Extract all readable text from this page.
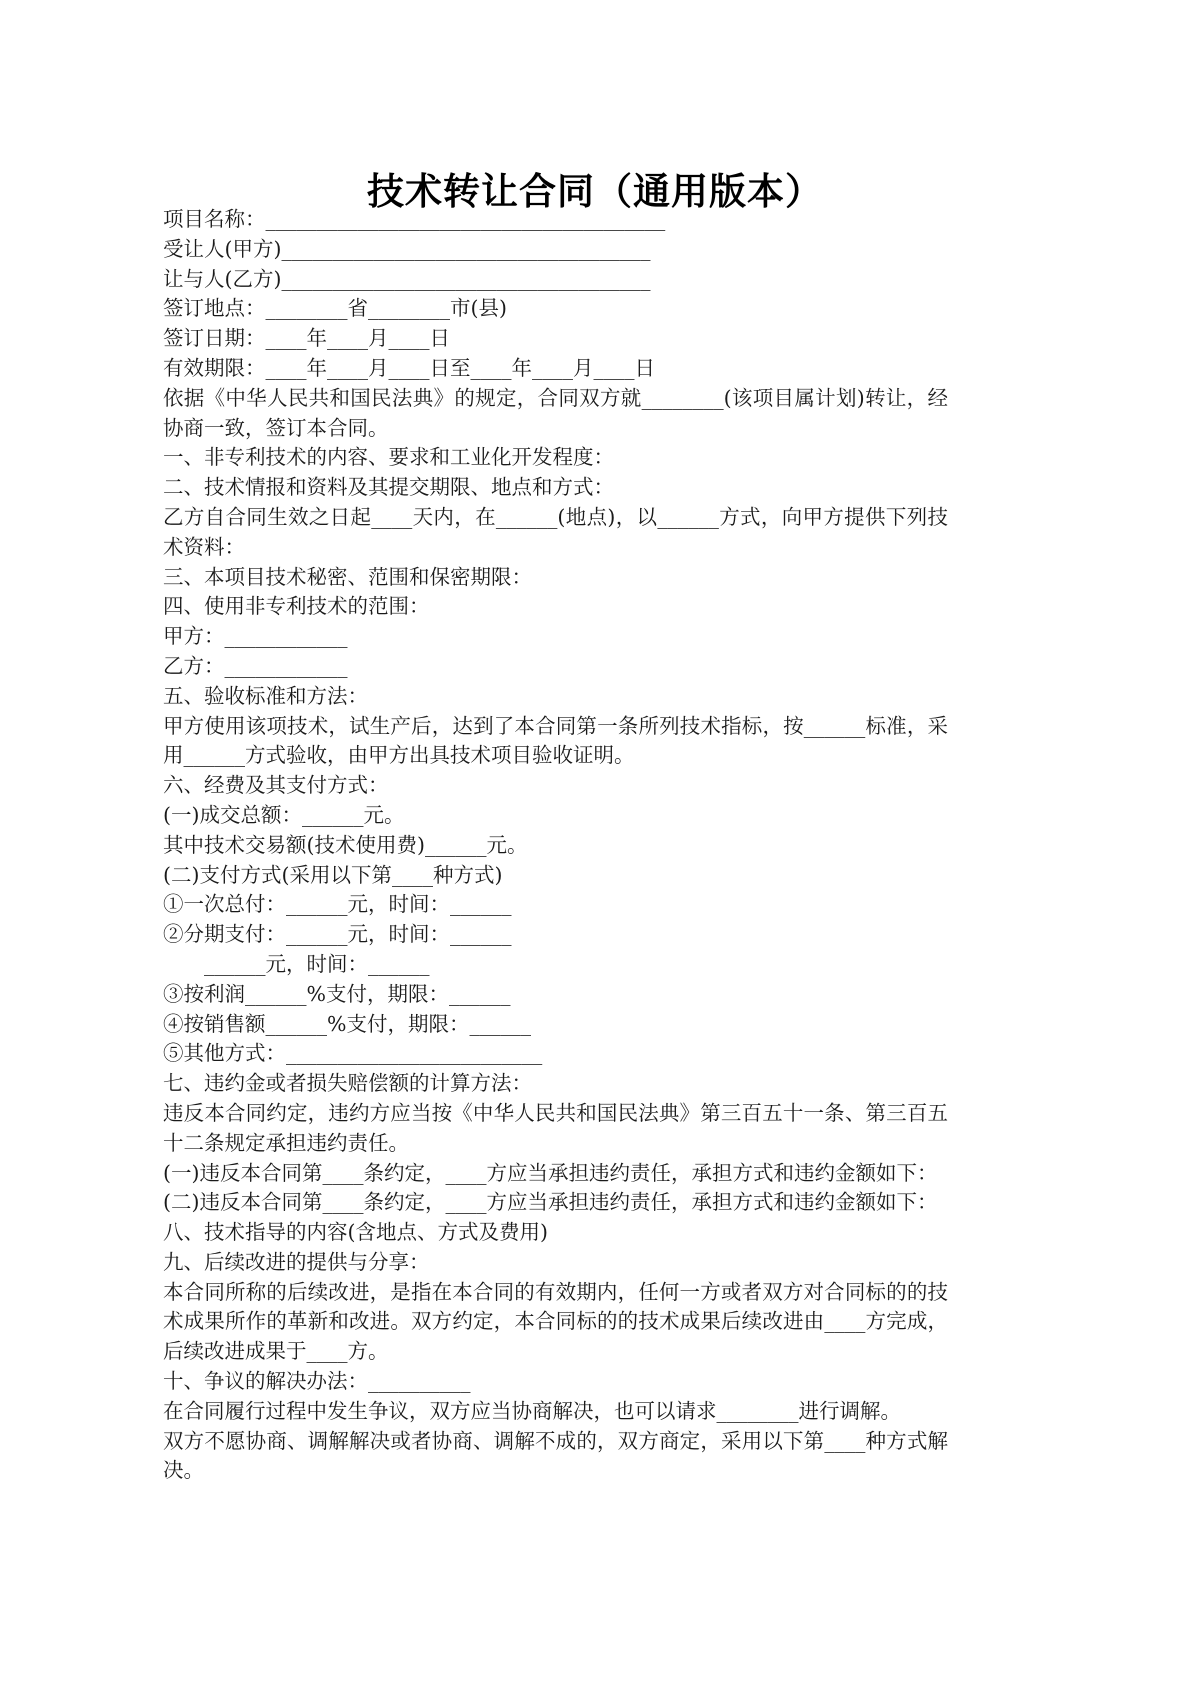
技术转让合同（通用版本）
项目名称：_______________________________________
受让人(甲方)____________________________________
让与人(乙方)____________________________________
签订地点：________省________市(县)
签订日期：____年____月____日
有效期限：____年____月____日至____年____月____日
依据《中华人民共和国民法典》的规定，合同双方就________(该项目属计划)转让，经协商一致，签订本合同。
一、非专利技术的内容、要求和工业化开发程度：
二、技术情报和资料及其提交期限、地点和方式：
乙方自合同生效之日起____天内，在______(地点)，以______方式，向甲方提供下列技术资料：
三、本项目技术秘密、范围和保密期限：
四、使用非专利技术的范围：
甲方：____________
乙方：____________
五、验收标准和方法：
甲方使用该项技术，试生产后，达到了本合同第一条所列技术指标，按______标准，采用______方式验收，由甲方出具技术项目验收证明。
六、经费及其支付方式：
(一)成交总额：______元。
其中技术交易额(技术使用费)______元。
(二)支付方式(采用以下第____种方式)
①一次总付：______元，时间：______
②分期支付：______元，时间：______
　　______元，时间：______
③按利润______%支付，期限：______
④按销售额______%支付，期限：______
⑤其他方式：_________________________
七、违约金或者损失赔偿额的计算方法：
违反本合同约定，违约方应当按《中华人民共和国民法典》第三百五十一条、第三百五十二条规定承担违约责任。
(一)违反本合同第____条约定，____方应当承担违约责任，承担方式和违约金额如下：
(二)违反本合同第____条约定，____方应当承担违约责任，承担方式和违约金额如下：
八、技术指导的内容(含地点、方式及费用)
九、后续改进的提供与分享：
本合同所称的后续改进，是指在本合同的有效期内，任何一方或者双方对合同标的的技术成果所作的革新和改进。双方约定，本合同标的的技术成果后续改进由____方完成，后续改进成果于____方。
十、争议的解决办法：__________
在合同履行过程中发生争议，双方应当协商解决，也可以请求________进行调解。
双方不愿协商、调解解决或者协商、调解不成的，双方商定，采用以下第____种方式解决。
